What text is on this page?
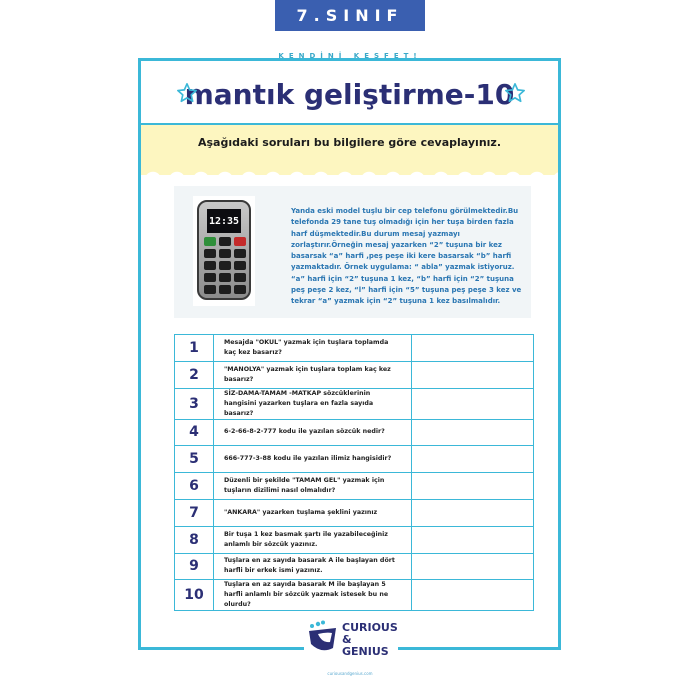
7.SINIF
KENDİNİ KEŞFET!
mantık geliştirme-10
Aşağıdaki soruları bu bilgilere göre cevaplayınız.
12:35
Yanda eski model tuşlu bir cep telefonu görülmektedir.Bu telefonda 29 tane tuş olmadığı için her tuşa birden fazla harf düşmektedir.Bu durum mesaj yazmayı zorlaştırır.Örneğin mesaj yazarken “2” tuşuna bir kez basarsak “a” harfi ,peş peşe iki kere basarsak “b” harfi yazmaktadır. Örnek uygulama: “ abla” yazmak istiyoruz. “a” harfi için “2” tuşuna 1 kez, “b” harfi için “2” tuşuna peş peşe 2 kez, “l” harfi için “5” tuşuna peş peşe 3 kez ve tekrar “a” yazmak için “2” tuşuna 1 kez basılmalıdır.
1	Mesajda "OKUL" yazmak için tuşlara toplamda kaç kez basarız?	
2	"MANOLYA" yazmak için tuşlara toplam kaç kez basarız?	
3	SİZ-DAMA-TAMAM -MATKAP sözcüklerinin hangisini yazarken tuşlara en fazla sayıda basarız?	
4	6-2-66-8-2-777 kodu ile yazılan sözcük nedir?	
5	666-777-3-88 kodu ile yazılan ilimiz hangisidir?	
6	Düzenli bir şekilde "TAMAM GEL" yazmak için tuşların dizilimi nasıl olmalıdır?	
7	"ANKARA" yazarken tuşlama şeklini yazınız	
8	Bir tuşa 1 kez basmak şartı ile yazabileceğiniz anlamlı bir sözcük yazınız.	
9	Tuşlara en az sayıda basarak A ile başlayan dört harfli bir erkek ismi yazınız.	
10	Tuşlara en az sayıda basarak M ile başlayan 5 harfli anlamlı bir sözcük yazmak istesek bu ne olurdu?	
CURIOUS
& GENIUS
curiousandgenius.com
